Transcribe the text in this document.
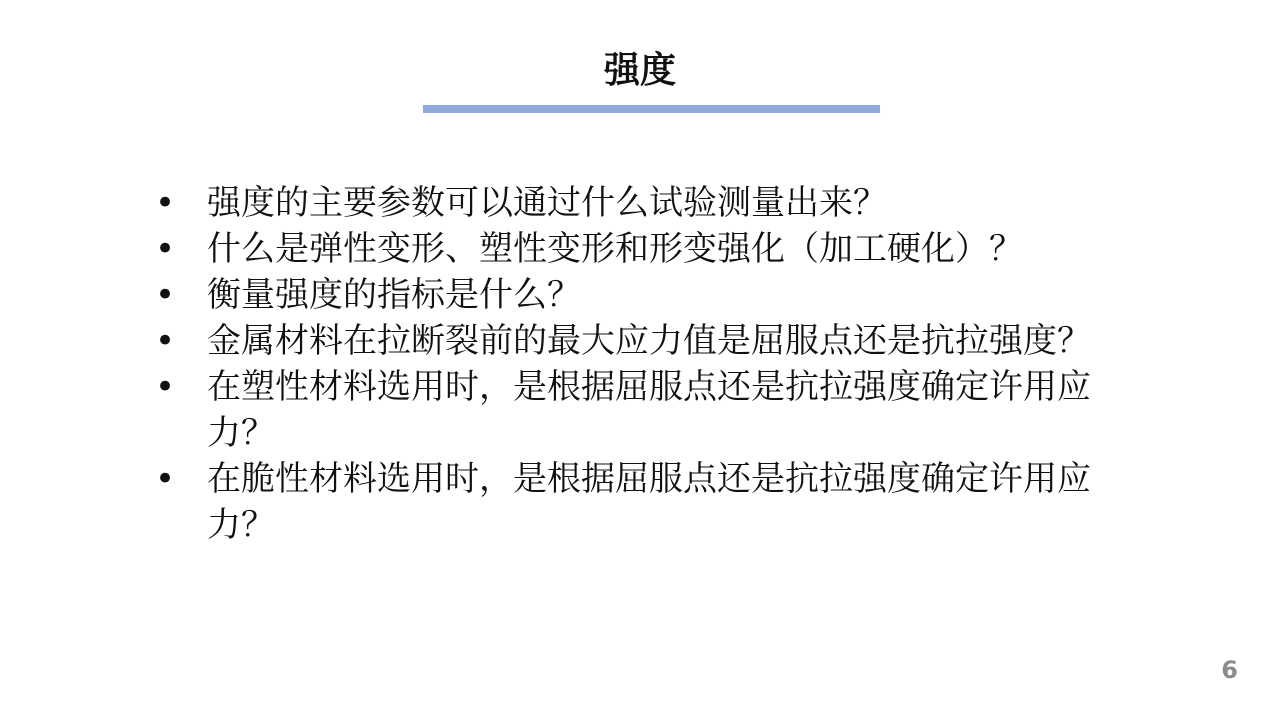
强度
• 强度的主要参数可以通过什么试验测量出来？
• 什么是弹性变形、塑性变形和形变强化（加工硬化）？
• 衡量强度的指标是什么？
• 金属材料在拉断裂前的最大应力值是屈服点还是抗拉强度？
• 在塑性材料选用时，是根据屈服点还是抗拉强度确定许用应力？
• 在脆性材料选用时，是根据屈服点还是抗拉强度确定许用应力？
6
